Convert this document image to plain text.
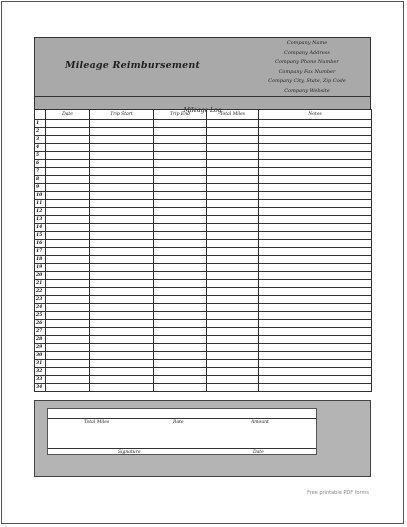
Mileage Reimbursement
Company Name
Company Address
Company Phone Number
Company Fax Number
Company City, State, Zip Code
Company Website
Mileage Log
	Date	Trip Start	Trip End	Total Miles	Notes
1					
2					
3					
4					
5					
6					
7					
8					
9					
10					
11					
12					
13					
14					
15					
16					
17					
18					
19					
20					
21					
22					
23					
24					
25					
26					
27					
28					
29					
30					
31					
32					
33					
34					
Total Miles	Rate	Amount
Signature	Date
Free printable PDF forms
